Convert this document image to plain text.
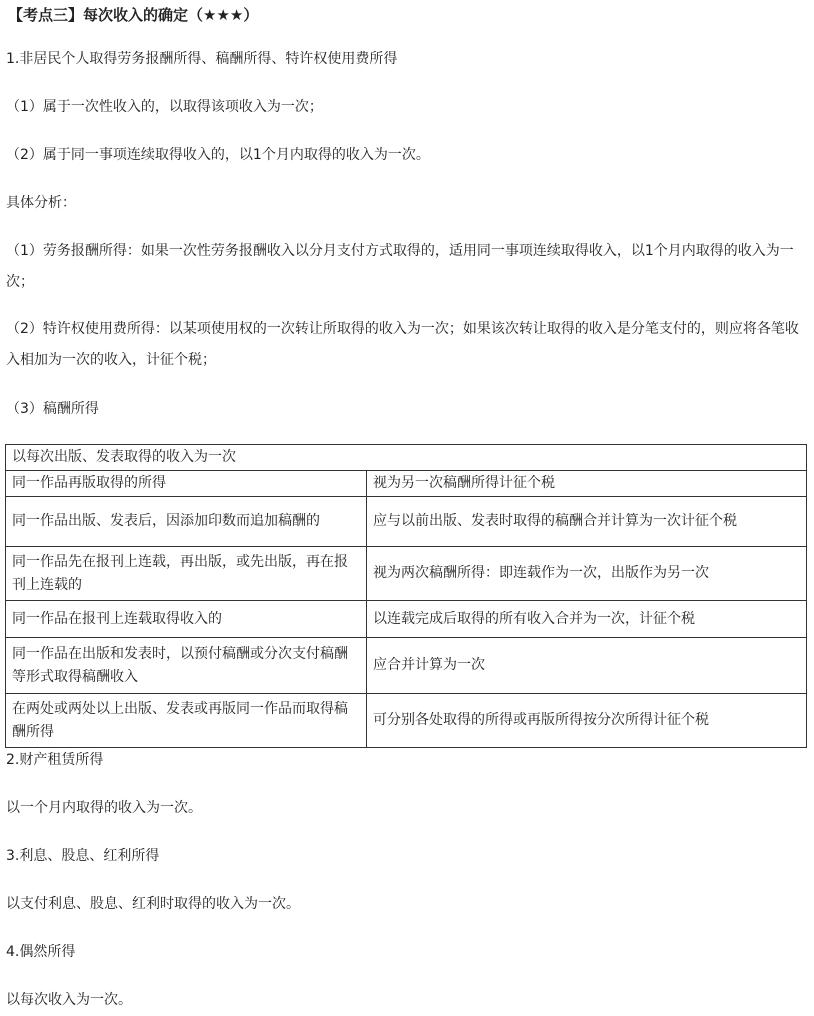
【考点三】每次收入的确定（★★★）
1.非居民个人取得劳务报酬所得、稿酬所得、特许权使用费所得
（1）属于一次性收入的，以取得该项收入为一次；
（2）属于同一事项连续取得收入的，以1个月内取得的收入为一次。
具体分析：
（1）劳务报酬所得：如果一次性劳务报酬收入以分月支付方式取得的，适用同一事项连续取得收入，以1个月内取得的收入为一次；
（2）特许权使用费所得：以某项使用权的一次转让所取得的收入为一次；如果该次转让取得的收入是分笔支付的，则应将各笔收入相加为一次的收入，计征个税；
（3）稿酬所得
以每次出版、发表取得的收入为一次	
同一作品再版取得的所得	视为另一次稿酬所得计征个税
同一作品出版、发表后，因添加印数而追加稿酬的	应与以前出版、发表时取得的稿酬合并计算为一次计征个税
同一作品先在报刊上连载，再出版，或先出版，再在报刊上连载的	视为两次稿酬所得：即连载作为一次，出版作为另一次
同一作品在报刊上连载取得收入的	以连载完成后取得的所有收入合并为一次，计征个税
同一作品在出版和发表时，以预付稿酬或分次支付稿酬等形式取得稿酬收入	应合并计算为一次
在两处或两处以上出版、发表或再版同一作品而取得稿酬所得	可分别各处取得的所得或再版所得按分次所得计征个税
2.财产租赁所得
以一个月内取得的收入为一次。
3.利息、股息、红利所得
以支付利息、股息、红利时取得的收入为一次。
4.偶然所得
以每次收入为一次。
